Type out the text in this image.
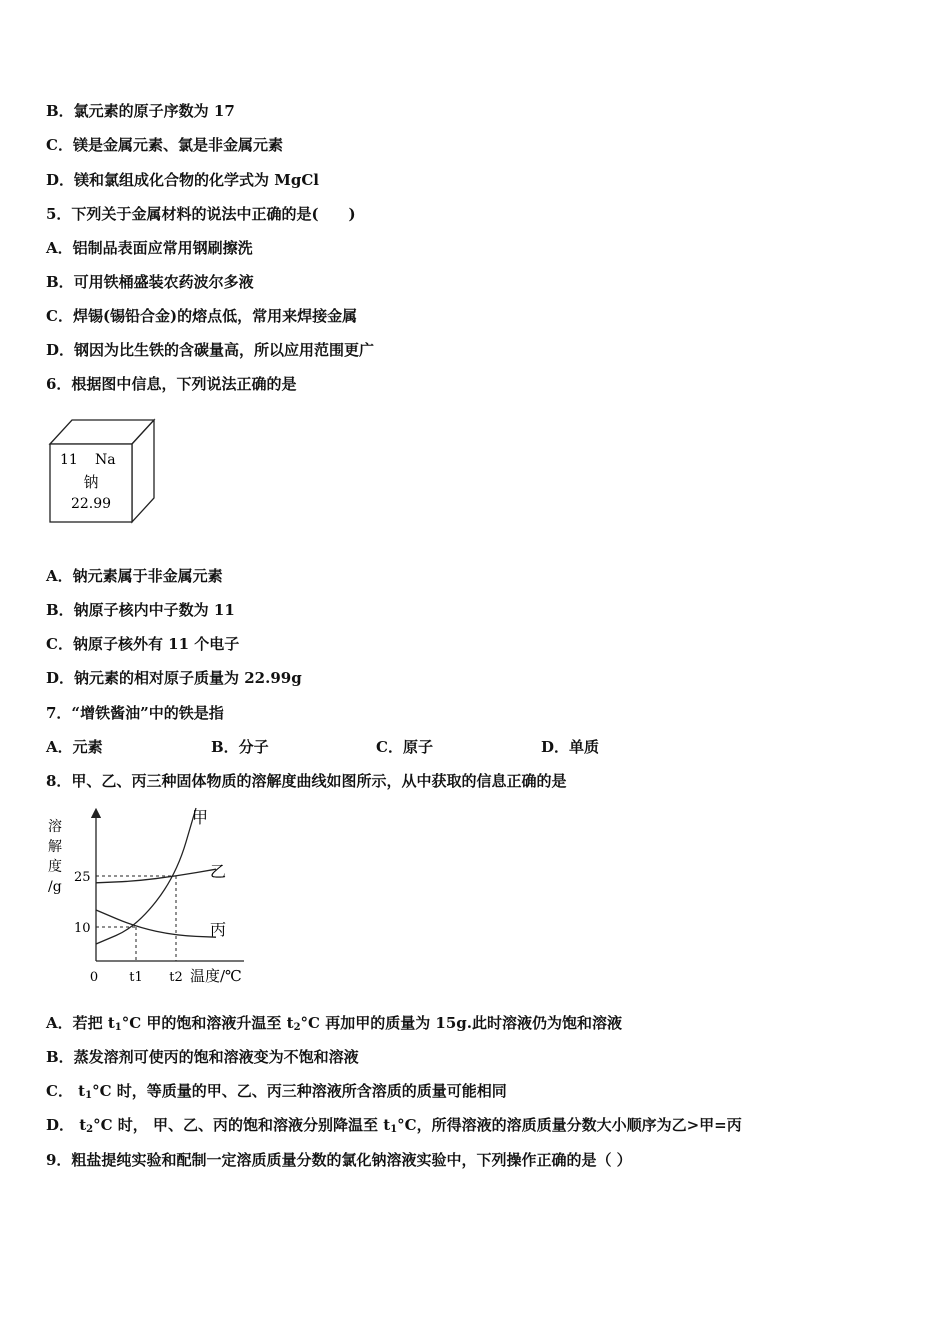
B．氯元素的原子序数为 17
C．镁是金属元素、氯是非金属元素
D．镁和氯组成化合物的化学式为 MgCl
5．下列关于金属材料的说法中正确的是(　　)
A．铝制品表面应常用钢刷擦洗
B．可用铁桶盛装农药波尔多液
C．焊锡(锡铅合金)的熔点低，常用来焊接金属
D．钢因为比生铁的含碳量高，所以应用范围更广
6．根据图中信息，下列说法正确的是
11 Na
钠
22.99
A．钠元素属于非金属元素
B．钠原子核内中子数为 11
C．钠原子核外有 11 个电子
D．钠元素的相对原子质量为 22.99g
7．“增铁酱油”中的铁是指
A．元素	B．分子	C．原子	D．单质
8．甲、乙、丙三种固体物质的溶解度曲线如图所示，从中获取的信息正确的是
溶
解
度
/g
25
10
0 t1 t2 温度/℃
甲
乙
丙
A．若把 $t_1^\circ C$ 甲的饱和溶液升温至 $t_2^\circ C$ 再加甲的质量为 15g.此时溶液仍为饱和溶液
B．蒸发溶剂可使丙的饱和溶液变为不饱和溶液
C． $t_1^\circ C$ 时，等质量的甲、乙、丙三种溶液所含溶质的质量可能相同
D． $t_2^\circ C$ 时， 甲、乙、丙的饱和溶液分别降温至 $t_1^\circ C$，所得溶液的溶质质量分数大小顺序为乙>甲=丙
9．粗盐提纯实验和配制一定溶质质量分数的氯化钠溶液实验中，下列操作正确的是（ ）
